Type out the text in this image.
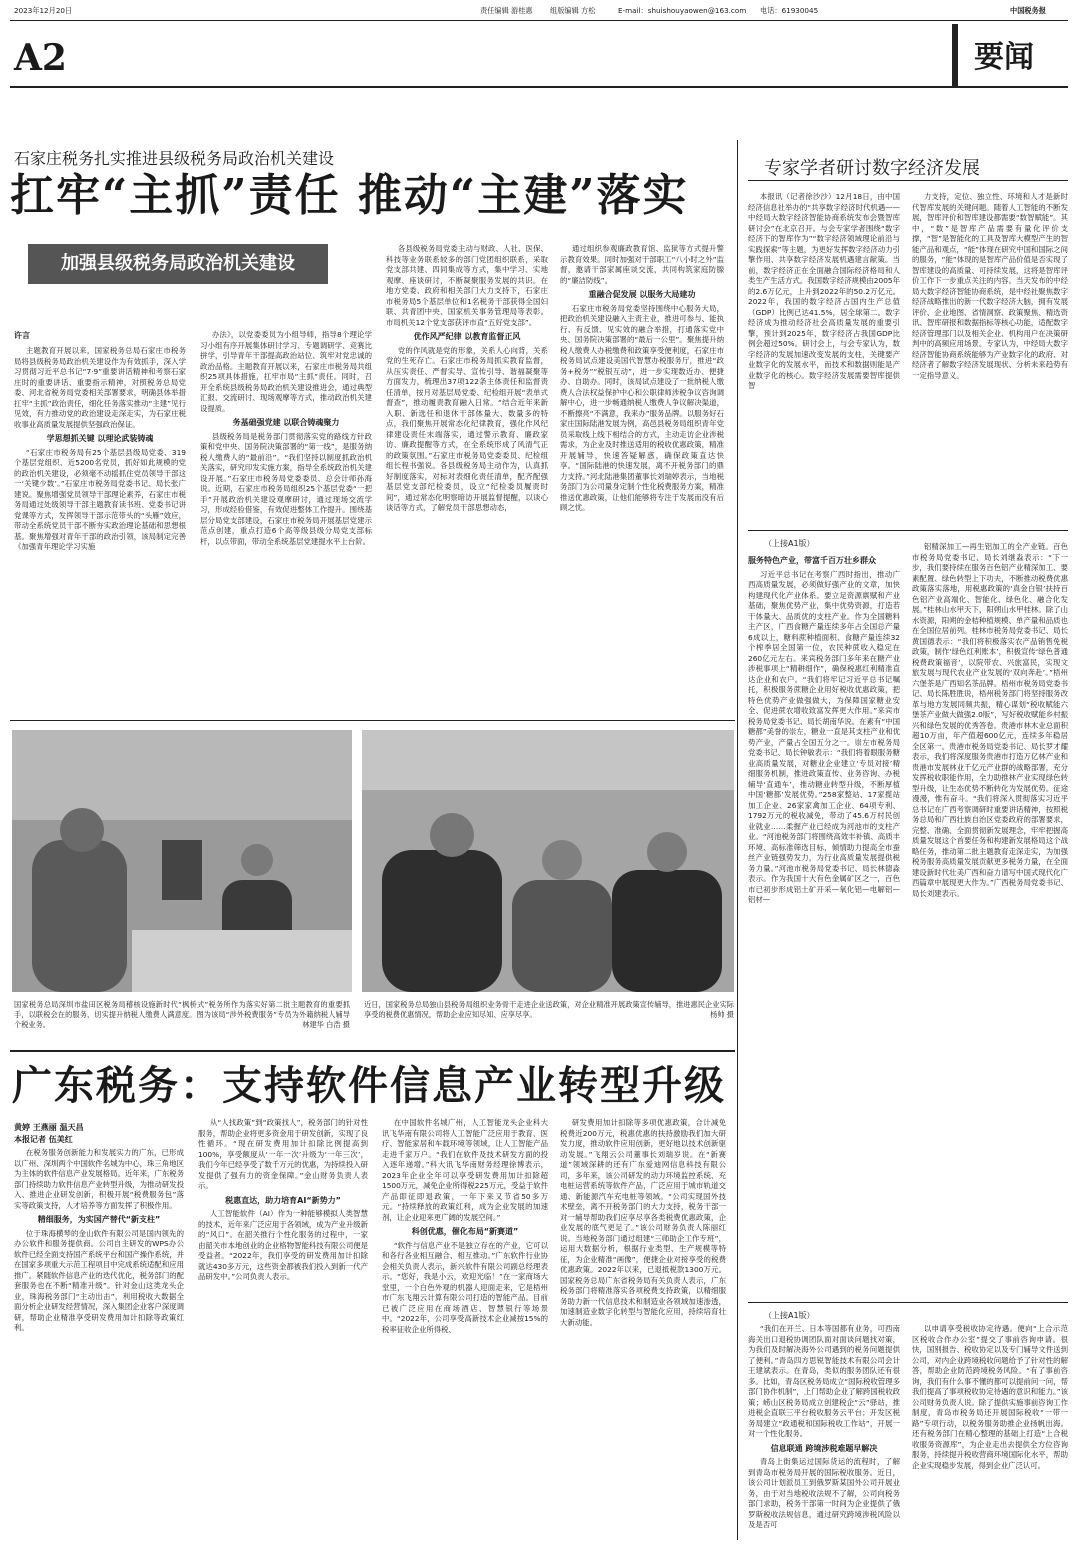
2023年12月20日	责任编辑 游桂惠 组版编辑 方松	E-mail：shuishouyaowen@163.com 电话：61930045	中国税务报
A2	要闻
石家庄税务扎实推进县级税务局政治机关建设
扛牢“主抓”责任 推动“主建”落实
加强县级税务局政治机关建设
许言

主题教育开展以来，国家税务总局石家庄市税务局将县级税务局政治机关建设作为有效抓手，深入学习贯彻习近平总书记“7·9”重要讲话精神和考察石家庄时的重要讲话、重要指示精神，对照税务总局党委、河北省税务局党委相关部署要求，明确县体举措扛牢“主抓”政治责任，细化任务落实推动“主建”见行见效，有力推动党的政治建设走深走实，为石家庄税收事业高质量发展提供坚强政治保证。

学思想抓关键 以理论武装铸魂

“石家庄市税务局有25个基层县级局党委、319个基层党组织、近5200名党员，抓好如此规模的党的政治机关建设，必须毫不动摇抓住党员领导干部这一‘关键少数’。”石家庄市税务局党委书记、局长张广建说。聚焦增强党员领导干部理论素养，石家庄市税务局通过处级领导干部主题教育读书班、党委书记讲党课等方式，发挥领导干部示范带头的“头雁”效应，带动全系统党员干部不断夯实政治理论基础和思想根基。聚焦增强对青年干部的政治引领，该局制定完善《加强青年理论学习实施

办法》，以党委委员为小组导师，指导8个理论学习小组有序开展集体研讨学习、专题调研学、竞赛比拼学，引导青年干部提高政治站位、筑牢对党忠诚的政治品格。主题教育开展以来，石家庄市税务局共组织25项具体措施，扛牢市局“主抓”责任。同时，召开全系统县级税务局政治机关建设推进会，通过典型汇报、交流研讨、现场观摩等方式，推动政治机关建设提质。

务基础强党建 以联合铸魂聚力

县级税务局是税务部门贯彻落实党的路线方针政策和党中央、国务院决策部署的“第一线”，是服务纳税人缴费人的“最前沿”。“我们坚持以制度抓政治机关落实，研究印发实施方案，指导全系统政治机关建设开展。”石家庄市税务局党委委员、总会计师孙海说。近期，石家庄市税务局组织25个基层党委“一把手”开展政治机关建设观摩研讨，通过现场交流学习，形成经验借鉴，有效促进整体工作提升。围绕基层分局党支部建设，石家庄市税务局开展基层党建示范点创建，重点打造6个高等级县级分局党支部标杆，以点带面，带动全系统基层党建提水平上台阶。

各县级税务局党委主动与财政、人社、医保、科技等业务联系较多的部门党团组织联系，采取党支部共建、四同集成等方式，集中学习、实地观摩、座谈研讨，不断凝聚服务发展的共识。在地方党委、政府和相关部门大力支持下，石家庄市税务局5个基层单位和1名税务干部获得全国妇联、共青团中央、国家机关事务管理局等表彰。市局机关12个党支部获评市直“五好党支部”。

优作风严纪律 以教育监督正风

党的作风就是党的形象，关系人心向背，关系党的生死存亡。石家庄市税务局抓实教育监督，从压实责任、严督实导、宣传引导、谐福凝聚等方面发力，梳理出37项122条主体责任和监督责任清单，按月对基层局党委、纪检组开展“表单式督查”，推动履责教育融入日常。“结合近年来新入职、新选任和退休干部体量大、数量多的特点，我们聚焦开展常态化纪律教育，强化作风纪律建设责任末端落实，通过警示教育、廉政家访、廉政提醒等方式，在全系统形成了风清气正的政策氛围。”石家庄市税务局党委委员、纪检组组长程书强说。各县级税务局主动作为，认真抓好制度落实，对标对表细化责任清单，配齐配强基层党支部纪检委员，设立“纪检委员履责时间”，通过常态化明察暗访开展监督提醒，以谈心谈话等方式，了解党员干部思想动态，

通过组织参观廉政教育馆、监狱等方式提升警示教育效果。同时加强对干部职工“八小时之外”监督，邀请干部家属座谈交流，共同构筑家庭防腺的“廉洁防线”。

重融合促发展 以服务大局建功

石家庄市税务局党委坚持围绕中心服务大局，把政治机关建设融入主责主业，推进可参与、能执行、有反馈、见实效的融合举措，打通落实党中央、国务院决策部署的“最后一公里”。聚焦提升纳税人缴费人办税缴费和政策享受便利度，石家庄市税务局试点建设美国代智慧办税服务厅，推进“政务+税务”“税银互动”，进一步实现数近办、便捷办、自助办。同时，该局试点建设了一批纳税人缴费人合法权益保护中心和公职律师涉税争议咨询调解中心，进一步畅通纳税人缴费人争议解决渠道，不断擦亮“不满意，我来办”服务品牌。以服务好石家庄国际陆港发展为例，高邑县税务局组织青年党员采取线上线下相结合的方式，主动走访企业涉税需求，为企业及时推送适用的税收优惠政策，精准开展辅导，快速答疑解惑，确保政策直达快享。“国际陆港的快速发展，离不开税务部门的鼎力支持。”河北陆港集团董事长刘瑞婷表示，当地税务部门为公司量身定制个性化税费服务方案，精准推送优惠政策，让他们能够将专注于发展而没有后顾之忧。

专家学者研讨数字经济发展

本报讯（记者徐沙沙）12月18日，由中国经济信息社举办的“共享数字经济时代机遇——中经局大数字经济智能协商系统发布会暨智库研讨会”在北京召开。与会专家学者围绕“数字经济下的智库作为”“数字经济领域理论前沿与实践探索”等主题，为更好发挥数字经济动力引擎作用、共享数字经济发展机遇建言献策。当前，数字经济正在全面融合国际经济格局和人类生产生活方式。我国数字经济规模由2005年的2.6万亿元，上升到2022年的50.2万亿元。2022年，我国的数字经济占国内生产总值（GDP）比例已达41.5%，居全球第二。数字经济成为推动经济社会高质量发展的重要引擎，预计到2025年，数字经济占我国GDP比例会超过50%。研讨会上，与会专家认为，数字经济的发展加速改变发展的支柱，关键要产业数字化的发展水平，而技术和数据则能是产业数字化的核心。数字经济发展需要智库提供智

力支持，定位、独立性、环境和人才是新时代智库发展的关键问题。随着人工智能的不断发展，智库评价和智库建设都需要“数智赋能”。其中，“数”是智库产品需要有量化评价支撑，“智”是智能化的工具及智库大模型产生的智能产品和观点，“能”体现在研究中国和国际之间的服务，“能”体现的是智库产品价值是否实现了智库建设的高质量、可持续发展，这将是智库评价工作下一步重点关注的内容。当天发布的中经局大数字经济智能协商系统，是中经社聚焦数字经济战略推出的新一代数字经济大脑，拥有发展评价、企业地图、省情洞察、政策聚焦、精选资讯、智库研报和数据指标等核心功能，适配数字经济管理部门以及相关企业、机构用户在决策研判中的高频应用场景。专家认为，中经局大数字经济智能协商系统能够为产业数字化的政府、对经济者了解数字经济发展现状、分析未来趋势有一定指导意义。

（上接A1版）
服务特色产业，带富千百万壮乡群众

习近平总书记在考察广西时指出，推动广西高质量发展，必须做好强产业的文章，加快构建现代化产业体系。要立足资源禀赋和产业基础，聚焦优势产业，集中优势资源，打造若干体量大、品质优的支柱产业。作为全国糖料主产区，广西食糖产量连续多年占全国总产量6成以上，糖料蔗种植面积、食糖产量连续32个榨季居全国第一位，农民种蔗收入稳定在260亿元左右。来宾税务部门多年来在糖产业涉税事项上“精耕细作”，确保税惠红利精准直达企业和农户。“我们将牢记习近平总书记嘱托，积极服务蔗糖企业用好税收优惠政策，把特色优势产业做强做大，为保障国家糖业安全、促进蔗农增收致富发挥更大作用。”来宾市税务局党委书记、局长胡南华说。在素有“中国糖都”美誉的崇左，糖业一直是其支柱产业和优势产业，产量占全国五分之一。崇左市税务局党委书记、局长钟敏表示：“我们将着眼服务糖业高质量发展，对糖业企业建立‘专员对接’精细服务机制，推进政策直传、业务咨询、办税辅导‘直通车’，推动糖业转型升级，不断厚植中国‘糖都’发展优势。”258家整站、17家揽站加工企业、26家家禽加工企业、64项专利、1792万元的税收减免，带动了45.6万村民创业就业……柔握产业已经成为河池市的支柱产业。“河池税务部门将围绕高效丰补镇、高质丰环境、高标准筛选目标，倾情助力提高全市蚕丝产业链强势发力，为行业高质量发展提供税务力量。”河池市税务局党委书记、局长林德淼表示。作为我国十大有色金属矿区之一，百色市已初步形成铝土矿开采—氧化铝—电解铝—铝材—

铝精深加工—再生铝加工的全产业链。百色市税务局党委书记、局长刘继淼表示：“下一步，我们要持续在服务百色铝产业精深加工、要素配置、绿色转型上下功夫，不断推动税费优惠政策落实落地，用税惠政策的‘真金白银’扶持百色铝产业高端化、智能化、绿色化、融合化发展。”桂林山水甲天下，阳朔山水甲桂林。除了山水资源，阳朔的金桔种植规模、单产量和品质也在全国位居前列。桂林市税务局党委书记、局长黄国德表示：“我们将积极落实农产品销售免税政策，制作‘绿色红利账本’，积极宣传‘绿色普通税费政策福音’，以院带农、兴旅富民，实现文旅发展与现代农业产业发展的‘双向奔赴’。”梧州六堡茶是广西知名茶品牌。梧州市税务局党委书记、局长陈胜胜说，梧州税务部门将坚持服务改革与地方发展同频共振，精心谋划“税收赋能六堡茶产业做大做强2.0版”，写好税收赋能乡村振兴和绿色发展的优秀答卷。贵港市林木业总面积超10万亩，年产值超600亿元，连续多年稳居全区第一。贵港市税务局党委书记、局长罗才耀表示，我们将深度服务贵港市打造万亿林产业和贵港市发展林业千亿元产业群的战略部署，充分发挥税收职能作用，全力助推林产业实现绿色转型升级，让生态优势不断转化为发展优势。征途漫漫，惟有奋斗。“我们将深入贯彻落实习近平总书记在广西考察调研时重要讲话精神，按照税务总局和广西壮族自治区党委政府的部署要求，完整、准确、全面贯彻新发展理念，牢牢把握高质量发展这个首要任务和构建新发展格局这个战略任务，推动第二批主题教育走深走实，为加强税务服务高质量发展贡献更多税务力量，在全面建设新时代壮美广西和奋力谱写中国式现代化广西篇章中展现更大作为。”广西税务局党委书记、局长刘建表示。

国家税务总局深圳市盐田区税务局稽核设施新时代“枫桥式”税务所作为落实好第二批主题教育的重要抓手，以联税会在的服务，切实提升纳税人缴费人满意度。图为该局“涉外税费服务”专员为外籍纳税人辅导个税业务。	林建华 白浩 摄
近日，国家税务总局独山县税务局组织业务骨干走进企业送政策，对企业精准开展政策宣传辅导，推进惠民企业实际享受的税费优惠情况，帮助企业应知尽知、应享尽享。	杨帅 摄
广东税务：支持软件信息产业转型升级
黄婷 王燕丽 温天昌
本报记者 伍美红

在税务服务创新能力和发展实力的广东，已形成以广州、深圳两个中国软件名城为中心，珠三角地区为主体的软件信息产业发展格局。近年来，广东税务部门持续助力软件信息产业转型升级，为推动研发投入、推进企业研发创新，积极开展“税费服务包”落实等政策支持，人才培养等方面发挥了积极作用。

精细服务，为实国产替代“新支柱”

位于珠海横琴的金山软件有限公司是国内领先的办公软件和服务提供商。公司自主研发的WPS办公软件已经全面支持国产系统平台和国产操作系统，并在国家多项重大示范工程项目中完成系统适配和应用推广。紧随软件信息产业的迭代优化，税务部门的配套服务也在不断“精准升级”。针对金山这类龙头企业，珠海税务部门“主动出击”，利用税收大数据全面分析企业研发经营情况，深入集团企业客户深度调研，帮助企业精准享受研发费用加计扣除等政策红利。

从“人找政策”到“政策找人”，税务部门的针对性服务，帮助企业将更多资金用于研发创新，实现了良性循环。“现在研发费用加计扣除比例提高到100%，享受额度从‘一年一次’升级为‘一年三次’，我们今年已经享受了数千万元的优惠，为持续投入研发提供了强有力的资金保障。”金山财务负责人表示。

税惠直达，助力培育AI“新势力”

人工智能软件（AI）作为一种能够模拟人类智慧的技术，近年来广泛应用于各领域，成为产业升级新的“风口”。在韶关推行个性化服务的过程中，一家由韶关市本地创业的企业格物智能科技有限公司便是受益者。“2022年，我们享受的研发费用加计扣除就达430多万元，这些资金都被我们投入到新一代产品研发中。”公司负责人表示。

在中国软件名城广州，人工智能龙头企业科大讯飞华南有限公司将人工智能广泛应用于教育、医疗、智能家居和车载环境等领域，让人工智能产品走进千家万户。“我们在软件及技术研发方面的投入逐年递增。”科大讯飞华南财务经理徐博表示，2023年企业全年可以享受研发费用加计扣除超1500万元，减免企业所得税225万元，受益于软件产品即征即退政策，一年下来又节省50多万元。“持续释放的政策红利，成为企业发展的加速剂，让企业迎来更广阔的发展空间。”

科创优惠，催化布局“新赛道”

“软件与信息产业不是独立存在的产业，它可以和各行各业相互融合、相互推动。”广东软件行业协会相关负责人表示，新兴软件有限公司副总经理表示。“您好，我是小云，欢迎光临！”在一家商场大堂里，一个白色外观的机器人迎面走来，它是梧州市广东飞翔云计算有限公司打造的智能产品。目前已被广泛应用在商场酒店、智慧银行等场景中。“2022年，公司享受高新技术企业减按15%的税率征收企业所得税、

研发费用加计扣除等多项优惠政策，合计减免税费近200万元，税惠优惠的扶持激励我们加大研发力度，推动软件应用创新，更好地以技术创新驱动发展。”飞翔云公司董事长刘瑞岁说。在“新赛道”领域深耕的还有广东爱迪网信息科技有限公司，多年来，该公司研发的动力环境监控系统、充电桩运营系统等软件产品，广泛应用于城市轨道交通、新能源汽车充电桩等领域。“公司实现国外技术壁垒，离不开税务部门的大力支持，税务干部一对一辅导帮助我们应享尽享各类税费优惠政策，企业发展的底气更足了。”该公司财务负责人陈丽红说。当地税务部门通过组建“三师助企工作专班”，运用大数据分析，根据行业类型、生产规模等特征，为企业精准“画像”，便捷企业对接享受的税费优惠政策。2022年以来，已退抵税款1300万元。国家税务总局广东省税务局有关负责人表示，广东税务部门将精准落实各项税费支持政策，以精细服务助力新一代信息技术和制造业各领域加速渗透，加速制造业数字化转型与智能化应用，持续培育壮大新动能。

（上接A1版）

“我们在开兰、日本等国都有业务，可西南海关出口退税协调团队面对面谈问题找对策，为我们及时解决海外公司遇到的税务问题提供了便利。”青岛四方思锐智能技术有限公司会计王建斌表示。在青岛，类似的服务团队还有很多。比如，青岛区税务局成立“国际税收管理多部门协作机制”，上门帮助企业了解跨国税收政策；崂山区税务局成立创建税企“云”驿站，推进税企直联三平台税收服务云平台；开发区税务局建立“政通税和国际税收工作站”，开展一对一个性化服务。

信息联通 跨境涉税难题早解决

青岛上街集运过国际货运的流程时，了解到青岛市税务局开展的国际税收服务。近日，该公司计划派员工到俄罗斯某国外公司开展业务，由于对当地税收法规不了解，公司向税务部门求助，税务干部第一时间为企业提供了俄罗斯税收法规信息，通过研究跨境涉税风险以及是否可

以申请享受税收协定待遇。便向“上合示范区税收合作办公室”提交了事前咨询申请。很快，国别报告、税收协定以及专门辅导文件送到公司，对内企业跨境税收问题给予了针对性的解答，帮助企业防范跨境税务风险。“有了事前咨询，我们有什么事不懂的都可以提前问一问，帮我们提高了事项税收协定待遇的意识和能力。”该公司财务负责人说。除了提供实施事前咨询工作制度，青岛市税务局还开展国际税收“一带一路”专项行动，以税务服务助推企业扬帆出海。还有税务部门在精心整理的基础上打造“上合税收服务资源库”，为企业走出去提供全方位咨询服务，持续提升税收营商环境国际化水平，帮助企业实现稳步发展，得到企业广泛认可。
